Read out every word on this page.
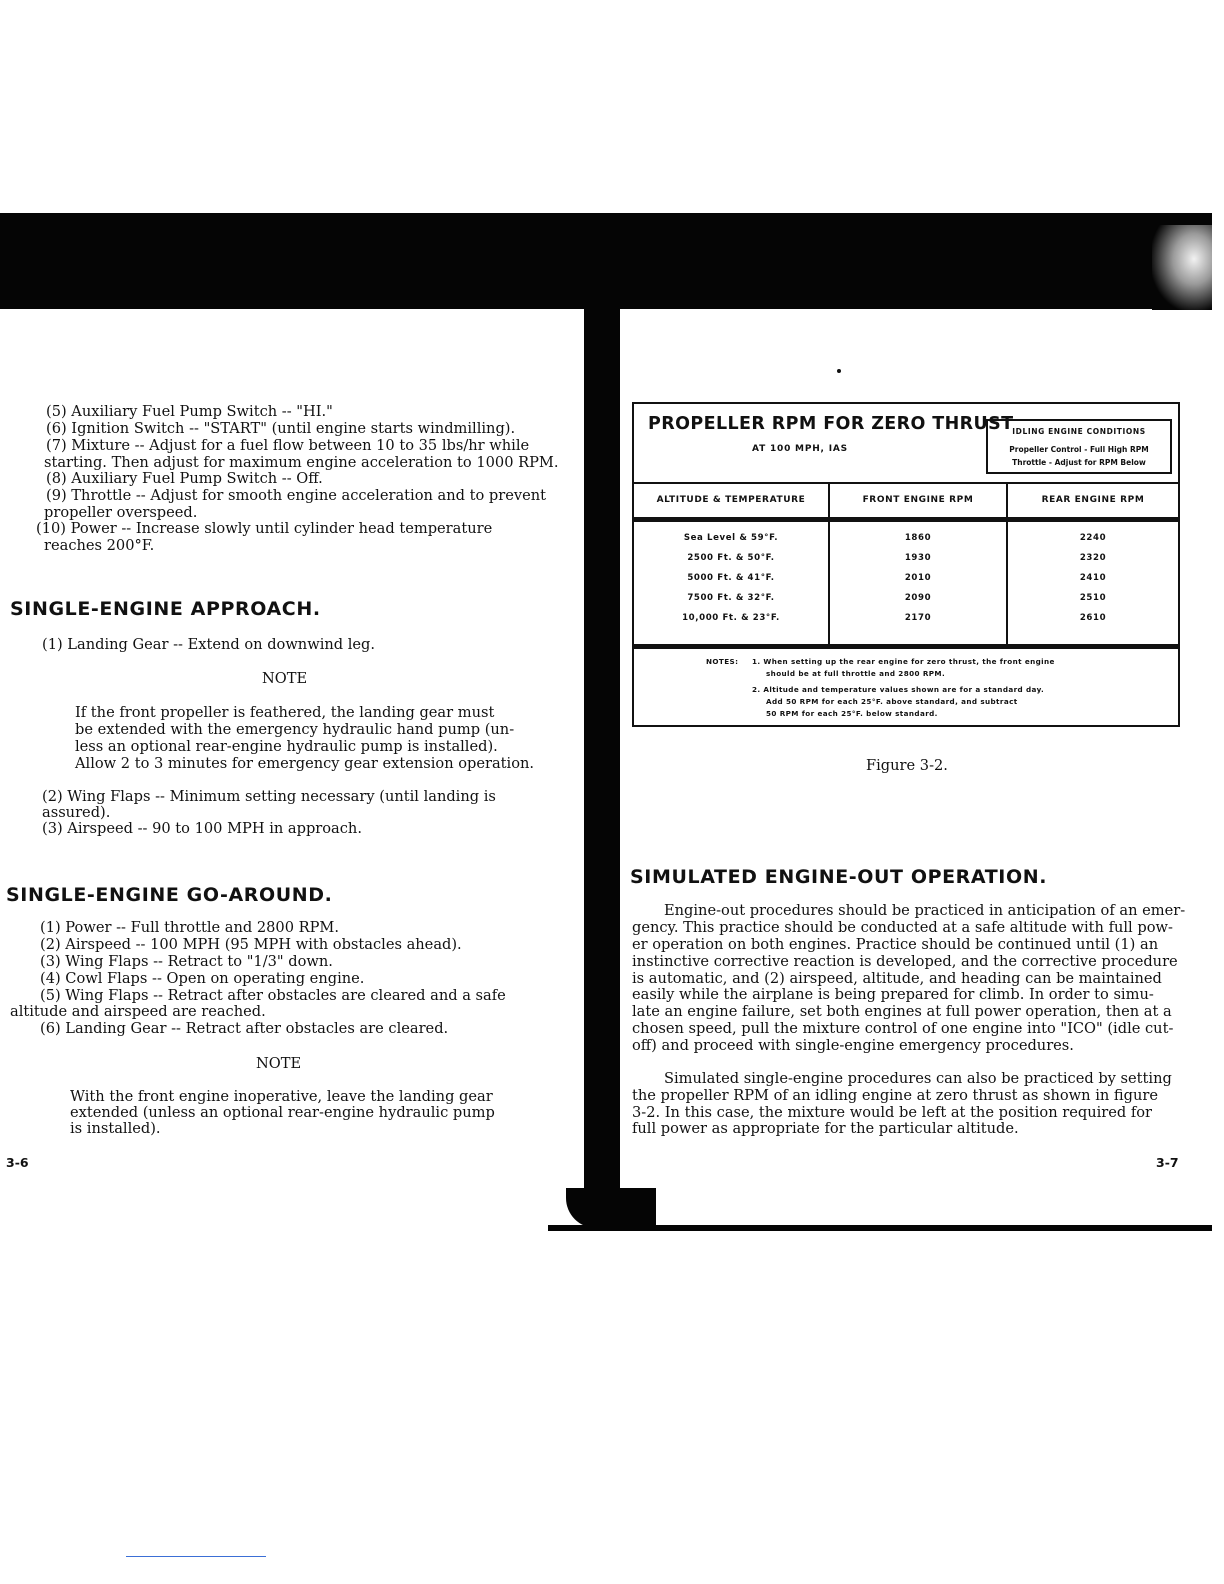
(5) Auxiliary Fuel Pump Switch -- "HI."
(6) Ignition Switch -- "START" (until engine starts windmilling).
(7) Mixture -- Adjust for a fuel flow between 10 to 35 lbs/hr while
starting. Then adjust for maximum engine acceleration to 1000 RPM.
(8) Auxiliary Fuel Pump Switch -- Off.
(9) Throttle -- Adjust for smooth engine acceleration and to prevent
propeller overspeed.
(10) Power -- Increase slowly until cylinder head temperature
reaches 200°F.
SINGLE-ENGINE APPROACH.
(1) Landing Gear -- Extend on downwind leg.
NOTE
If the front propeller is feathered, the landing gear must
be extended with the emergency hydraulic hand pump (un-
less an optional rear-engine hydraulic pump is installed).
Allow 2 to 3 minutes for emergency gear extension operation.
(2) Wing Flaps -- Minimum setting necessary (until landing is
assured).
(3) Airspeed -- 90 to 100 MPH in approach.
SINGLE-ENGINE GO-AROUND.
(1) Power -- Full throttle and 2800 RPM.
(2) Airspeed -- 100 MPH (95 MPH with obstacles ahead).
(3) Wing Flaps -- Retract to "1/3" down.
(4) Cowl Flaps -- Open on operating engine.
(5) Wing Flaps -- Retract after obstacles are cleared and a safe
altitude and airspeed are reached.
(6) Landing Gear -- Retract after obstacles are cleared.
NOTE
With the front engine inoperative, leave the landing gear
extended (unless an optional rear-engine hydraulic pump
is installed).
3-6
PROPELLER RPM FOR ZERO THRUST
AT 100 MPH, IAS
IDLING ENGINE CONDITIONS
Propeller Control - Full High RPM
Throttle - Adjust for RPM Below
ALTITUDE & TEMPERATURE	FRONT ENGINE RPM	REAR ENGINE RPM
Sea Level & 59°F.	1860	2240
2500 Ft. & 50°F.	1930	2320
5000 Ft. & 41°F.	2010	2410
7500 Ft. & 32°F.	2090	2510
10,000 Ft. & 23°F.	2170	2610
NOTES: 1. When setting up the rear engine for zero thrust, the front engine
should be at full throttle and 2800 RPM.
2. Altitude and temperature values shown are for a standard day.
Add 50 RPM for each 25°F. above standard, and subtract
50 RPM for each 25°F. below standard.
Figure 3-2.
SIMULATED ENGINE-OUT OPERATION.
Engine-out procedures should be practiced in anticipation of an emer-
gency. This practice should be conducted at a safe altitude with full pow-
er operation on both engines. Practice should be continued until (1) an
instinctive corrective reaction is developed, and the corrective procedure
is automatic, and (2) airspeed, altitude, and heading can be maintained
easily while the airplane is being prepared for climb. In order to simu-
late an engine failure, set both engines at full power operation, then at a
chosen speed, pull the mixture control of one engine into "ICO" (idle cut-
off) and proceed with single-engine emergency procedures.
Simulated single-engine procedures can also be practiced by setting
the propeller RPM of an idling engine at zero thrust as shown in figure
3-2. In this case, the mixture would be left at the position required for
full power as appropriate for the particular altitude.
3-7
